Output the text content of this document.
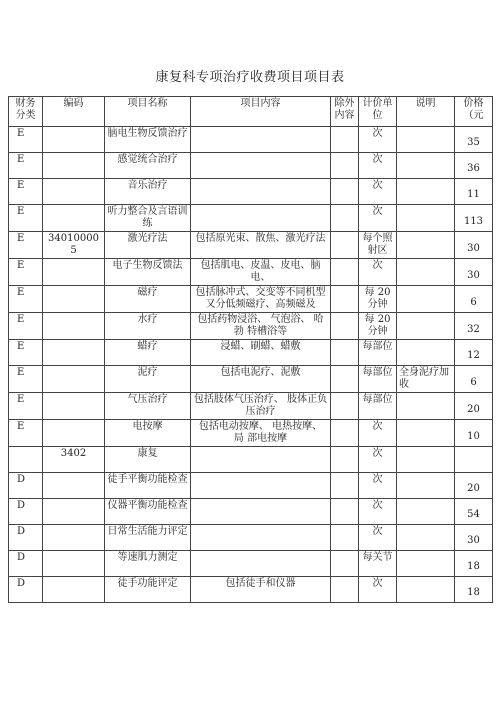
康复科专项治疗收费项目项目表
财务分类	编码	项目名称	项目内容	除外内容	计价单位	说明	价格（元
E		脑电生物反馈治疗			次		35
E		感觉统合治疗			次		36
E		音乐治疗			次		11
E		听力整合及言语训 练			次		113
E	340100005	激光疗法	包括原光束、散焦、激光疗法		每个照射区		30
E		电子生物反馈法	包括肌电、皮温、皮电、脑电、		次		30
E		磁疗	包括脉冲式、交变等不同机型又分低频磁疗、高频磁及		每 20分钟		6
E		水疗	包括药物浸浴、 气泡浴、 哈勃 特槽浴等		每 20分钟		32
E		蜡疗	浸蜡、刷蜡、蜡敷		每部位		12
E		泥疗	包括电泥疗、泥敷		每部位	全身泥疗加收	6
E		气压治疗	包括肢体气压治疗、 肢体正负 压治疗		每部位		20
E		电按摩	包括电动按摩、 电热按摩、 局 部电按摩		次		10
	3402	康复			次		
D		徒手平衡功能检查			次		20
D		仪器平衡功能检查			次		54
D		日常生活能力评定			次		30
D		等速肌力测定			每关节		18
D		徒手功能评定	包括徒手和仪器		次		18
